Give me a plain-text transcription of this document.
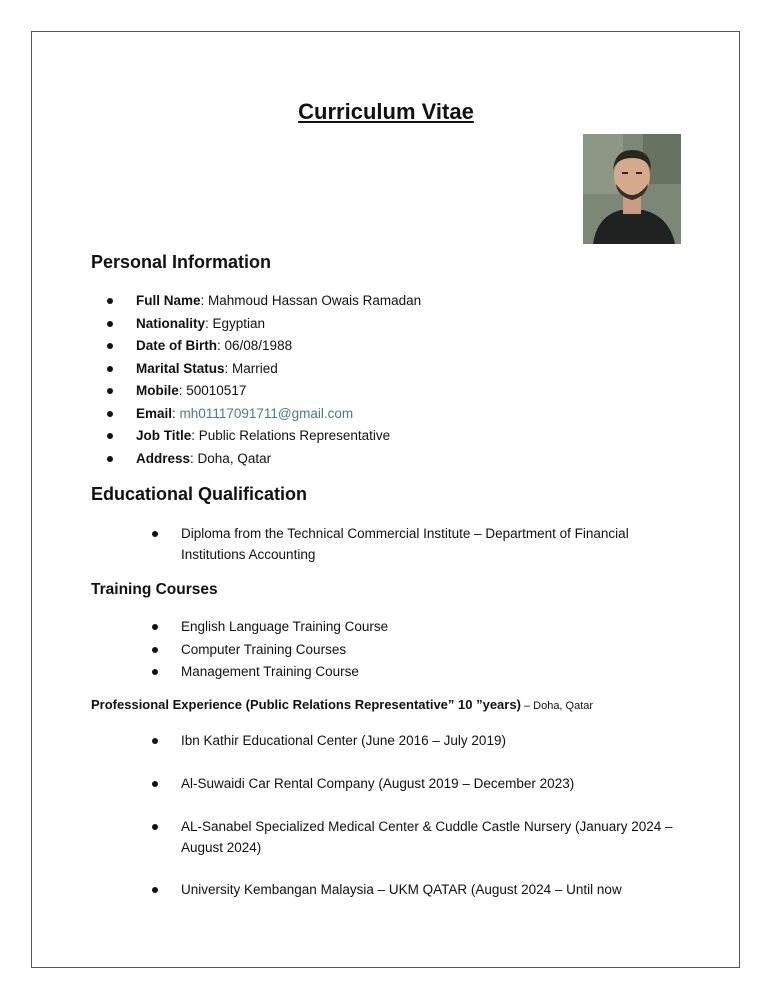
Curriculum Vitae
Personal Information
Full Name: Mahmoud Hassan Owais Ramadan
Nationality: Egyptian
Date of Birth: 06/08/1988
Marital Status: Married
Mobile: 50010517
Email: mh01117091711@gmail.com
Job Title: Public Relations Representative
Address: Doha, Qatar
Educational Qualification
Diploma from the Technical Commercial Institute – Department of Financial Institutions Accounting
Training Courses
English Language Training Course
Computer Training Courses
Management Training Course

Professional Experience (Public Relations Representative” 10 ”years) – Doha, Qatar

Ibn Kathir Educational Center (June 2016 – July 2019)
Al-Suwaidi Car Rental Company (August 2019 – December 2023)
AL-Sanabel Specialized Medical Center & Cuddle Castle Nursery (January 2024 – August 2024)
University Kembangan Malaysia – UKM QATAR (August 2024 – Until now
